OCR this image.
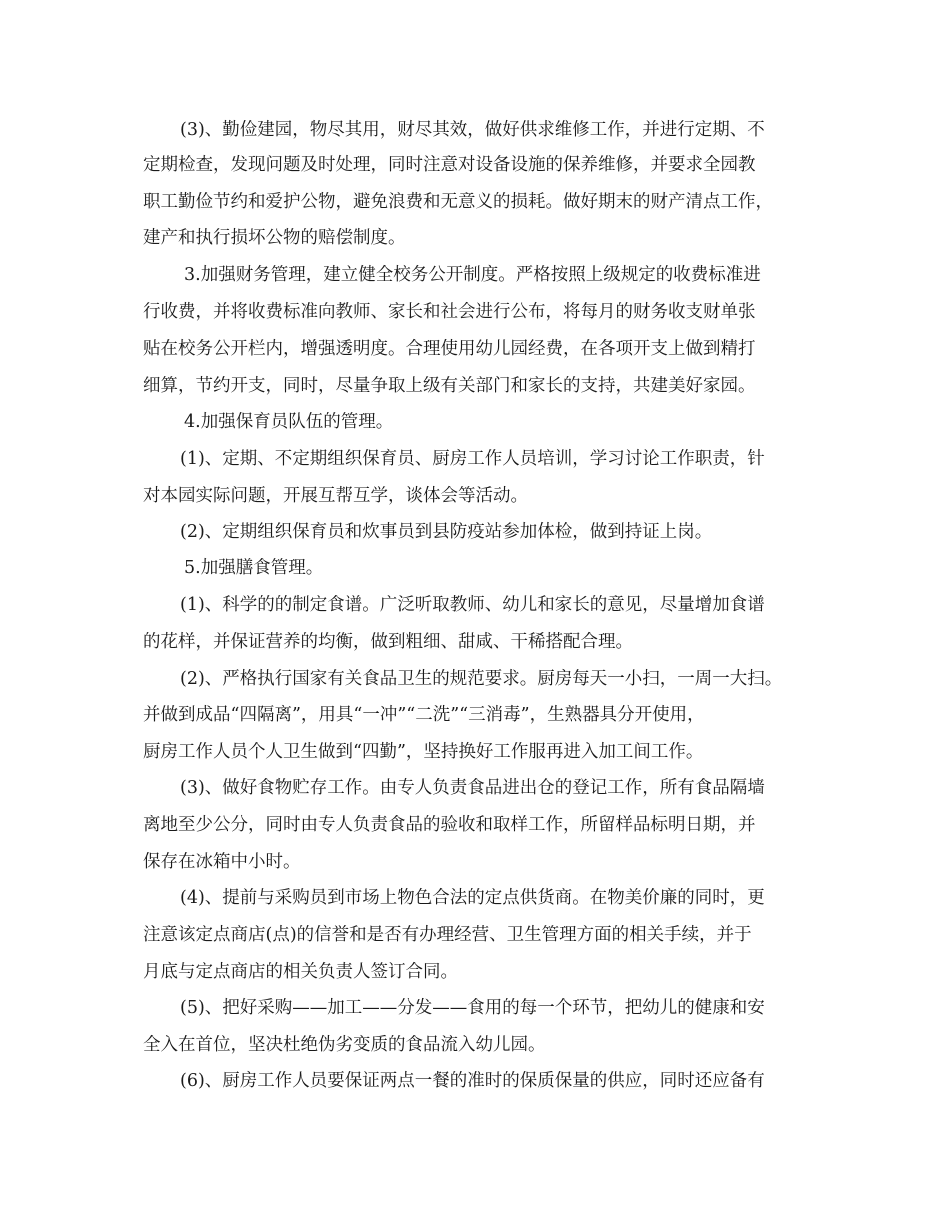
(3)、勤俭建园，物尽其用，财尽其效，做好供求维修工作，并进行定期、不
定期检查，发现问题及时处理，同时注意对设备设施的保养维修，并要求全园教
职工勤俭节约和爱护公物，避免浪费和无意义的损耗。做好期末的财产清点工作，
建产和执行损坏公物的赔偿制度。
3.加强财务管理，建立健全校务公开制度。严格按照上级规定的收费标准进
行收费，并将收费标准向教师、家长和社会进行公布，将每月的财务收支财单张
贴在校务公开栏内，增强透明度。合理使用幼儿园经费，在各项开支上做到精打
细算，节约开支，同时，尽量争取上级有关部门和家长的支持，共建美好家园。
4.加强保育员队伍的管理。
(1)、定期、不定期组织保育员、厨房工作人员培训，学习讨论工作职责，针
对本园实际问题，开展互帮互学，谈体会等活动。
(2)、定期组织保育员和炊事员到县防疫站参加体检，做到持证上岗。
5.加强膳食管理。
(1)、科学的的制定食谱。广泛听取教师、幼儿和家长的意见，尽量增加食谱
的花样，并保证营养的均衡，做到粗细、甜咸、干稀搭配合理。
(2)、严格执行国家有关食品卫生的规范要求。厨房每天一小扫，一周一大扫。
并做到成品“四隔离”，用具“一冲”“二洗”“三消毒”，生熟器具分开使用，
厨房工作人员个人卫生做到“四勤”，坚持换好工作服再进入加工间工作。
(3)、做好食物贮存工作。由专人负责食品进出仓的登记工作，所有食品隔墙
离地至少公分，同时由专人负责食品的验收和取样工作，所留样品标明日期，并
保存在冰箱中小时。
(4)、提前与采购员到市场上物色合法的定点供货商。在物美价廉的同时，更
注意该定点商店(点)的信誉和是否有办理经营、卫生管理方面的相关手续，并于
月底与定点商店的相关负责人签订合同。
(5)、把好采购——加工——分发——食用的每一个环节，把幼儿的健康和安
全入在首位，坚决杜绝伪劣变质的食品流入幼儿园。
(6)、厨房工作人员要保证两点一餐的准时的保质保量的供应，同时还应备有
